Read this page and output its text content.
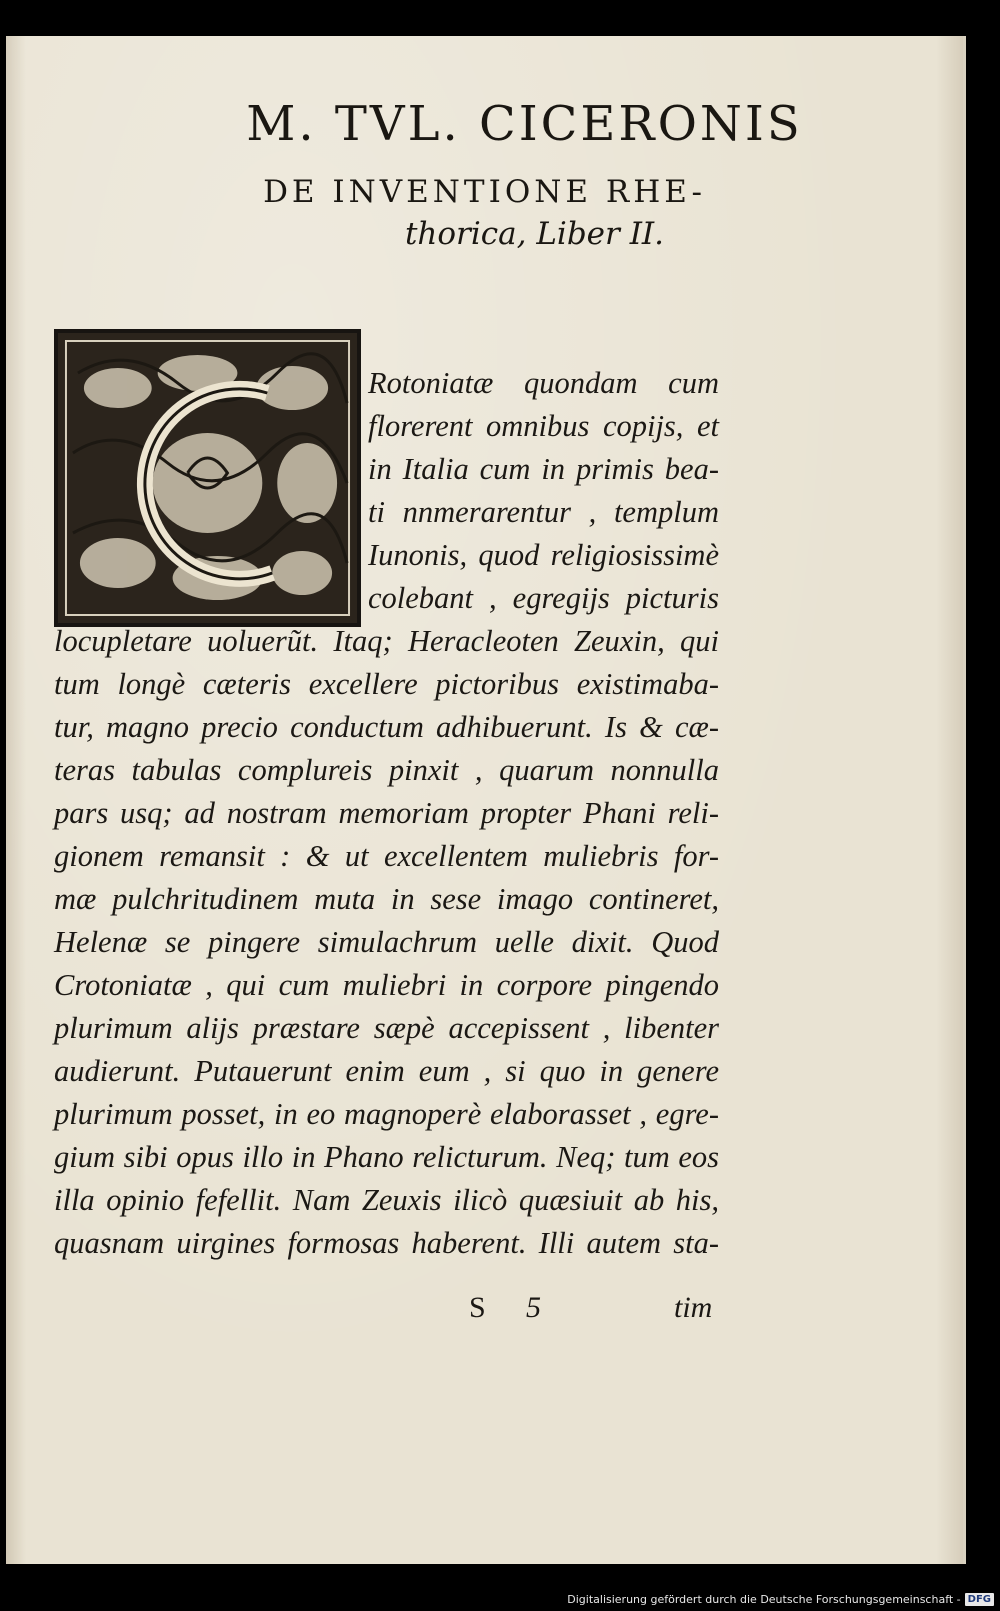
M. TVL. CICERONIS
DE INVENTIONE RHE-
thorica, Liber II.
Rotoniatæ quondam cum
florerent omnibus copijs, et
in Italia cum in primis bea-
ti nnmerarentur , templum
Iunonis, quod religiosissimè
colebant , egregijs picturis
locupletare uoluerũt. Itaq; Heracleoten Zeuxin, qui
tum longè cæteris excellere pictoribus existimaba-
tur, magno precio conductum adhibuerunt. Is & cæ-
teras tabulas complureis pinxit , quarum nonnulla
pars usq; ad nostram memoriam propter Phani reli-
gionem remansit : & ut excellentem muliebris for-
mæ pulchritudinem muta in sese imago contineret,
Helenæ se pingere simulachrum uelle dixit. Quod
Crotoniatæ , qui cum muliebri in corpore pingendo
plurimum alijs præstare sæpè accepissent , libenter
audierunt. Putauerunt enim eum , si quo in genere
plurimum posset, in eo magnoperè elaborasset , egre-
gium sibi opus illo in Phano relicturum. Neq; tum eos
illa opinio fefellit. Nam Zeuxis ilicò quæsiuit ab his,
quasnam uirgines formosas haberent. Illi autem sta-
S 5	tim
Digitalisierung gefördert durch die Deutsche Forschungsgemeinschaft - DFG
